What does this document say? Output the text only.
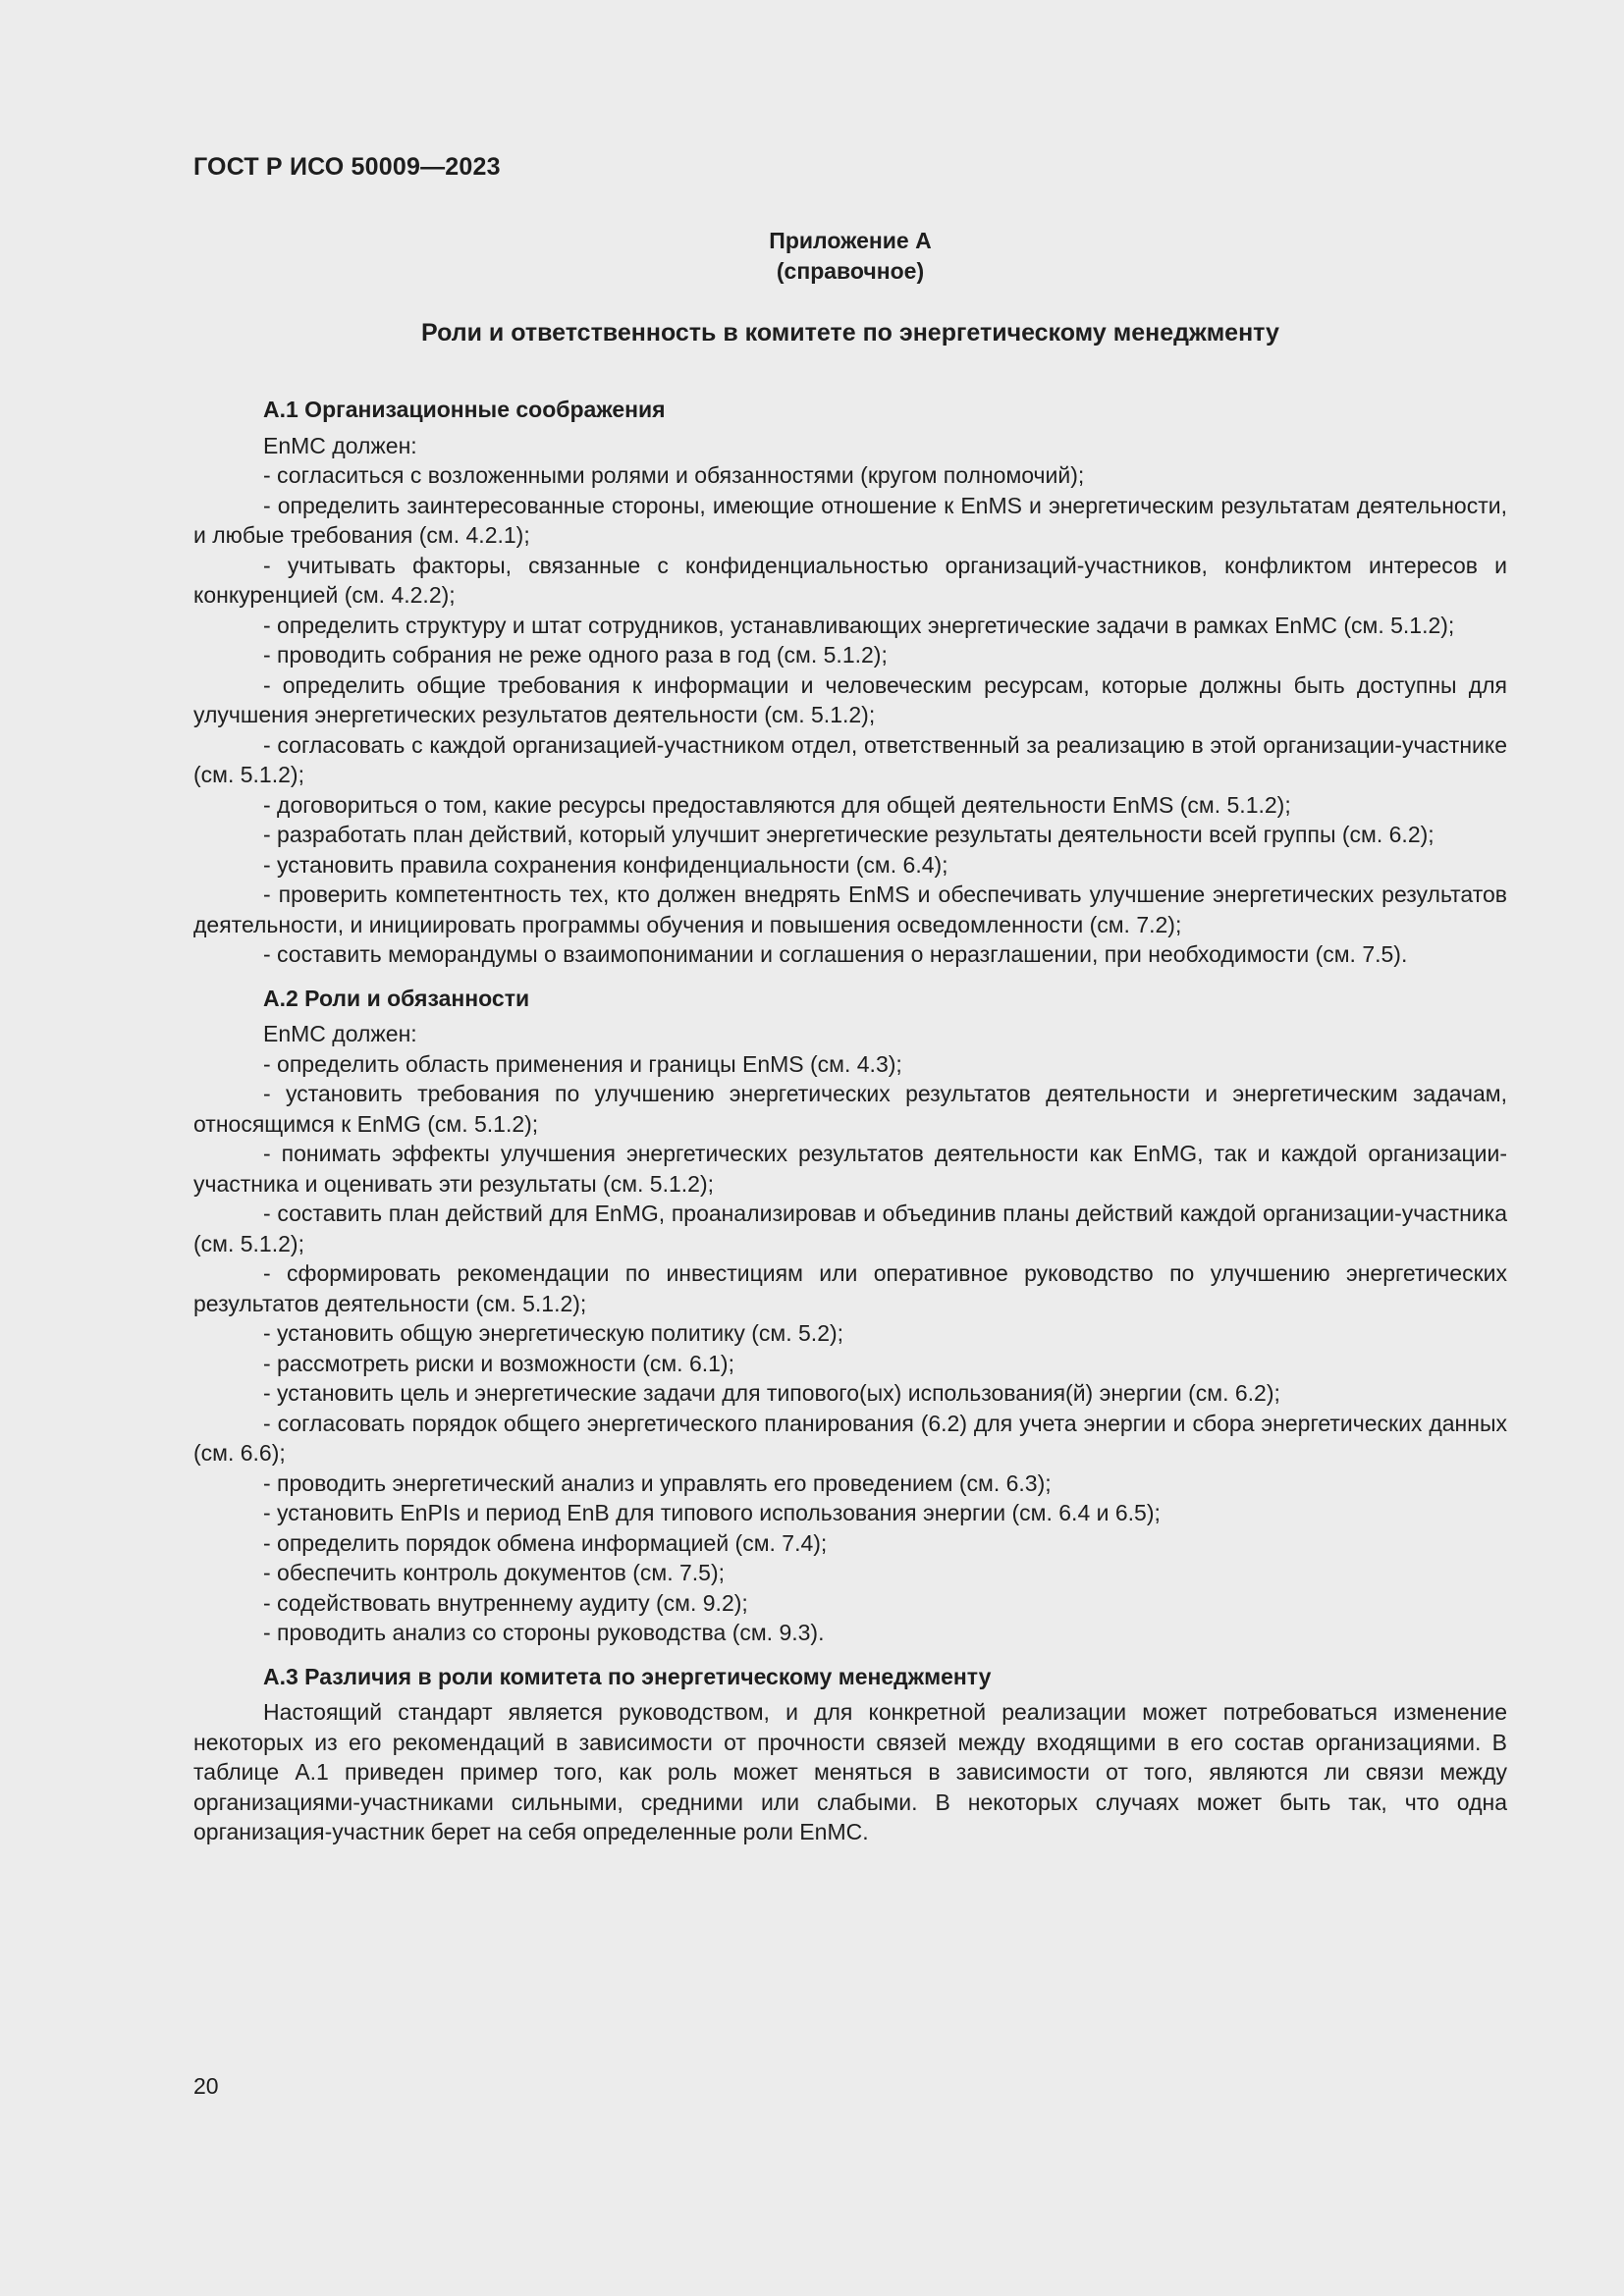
ГОСТ Р ИСО 50009—2023
Приложение А
(справочное)
Роли и ответственность в комитете по энергетическому менеджменту

А.1 Организационные соображения

ЕnМС должен:

- согласиться с возложенными ролями и обязанностями (кругом полномочий);

- определить заинтересованные стороны, имеющие отношение к EnMS и энергетическим результатам деятельности, и любые требования (см. 4.2.1);

- учитывать факторы, связанные с конфиденциальностью организаций-участников, конфликтом интересов и конкуренцией (см. 4.2.2);

- определить структуру и штат сотрудников, устанавливающих энергетические задачи в рамках ЕnМС (см. 5.1.2);

- проводить собрания не реже одного раза в год (см. 5.1.2);

- определить общие требования к информации и человеческим ресурсам, которые должны быть доступны для улучшения энергетических результатов деятельности (см. 5.1.2);

- согласовать с каждой организацией-участником отдел, ответственный за реализацию в этой организации-участнике (см. 5.1.2);

- договориться о том, какие ресурсы предоставляются для общей деятельности EnMS (см. 5.1.2);

- разработать план действий, который улучшит энергетические результаты деятельности всей группы (см. 6.2);

- установить правила сохранения конфиденциальности (см. 6.4);

- проверить компетентность тех, кто должен внедрять EnMS и обеспечивать улучшение энергетических результатов деятельности, и инициировать программы обучения и повышения осведомленности (см. 7.2);

- составить меморандумы о взаимопонимании и соглашения о неразглашении, при необходимости (см. 7.5).

А.2 Роли и обязанности

ЕnМС должен:

- определить область применения и границы EnMS (см. 4.3);

- установить требования по улучшению энергетических результатов деятельности и энергетическим задачам, относящимся к EnMG (см. 5.1.2);

- понимать эффекты улучшения энергетических результатов деятельности как EnMG, так и каждой организации-участника и оценивать эти результаты (см. 5.1.2);

- составить план действий для EnMG, проанализировав и объединив планы действий каждой организации-участника (см. 5.1.2);

- сформировать рекомендации по инвестициям или оперативное руководство по улучшению энергетических результатов деятельности (см. 5.1.2);

- установить общую энергетическую политику (см. 5.2);

- рассмотреть риски и возможности (см. 6.1);

- установить цель и энергетические задачи для типового(ых) использования(й) энергии (см. 6.2);

- согласовать порядок общего энергетического планирования (6.2) для учета энергии и сбора энергетических данных (см. 6.6);

- проводить энергетический анализ и управлять его проведением (см. 6.3);

- установить EnPIs и период EnB для типового использования энергии (см. 6.4 и 6.5);

- определить порядок обмена информацией (см. 7.4);

- обеспечить контроль документов (см. 7.5);

- содействовать внутреннему аудиту (см. 9.2);

- проводить анализ со стороны руководства (см. 9.3).

А.3 Различия в роли комитета по энергетическому менеджменту

Настоящий стандарт является руководством, и для конкретной реализации может потребоваться изменение некоторых из его рекомендаций в зависимости от прочности связей между входящими в его состав организациями. В таблице А.1 приведен пример того, как роль может меняться в зависимости от того, являются ли связи между организациями-участниками сильными, средними или слабыми. В некоторых случаях может быть так, что одна организация-участник берет на себя определенные роли ЕnМС.

20
